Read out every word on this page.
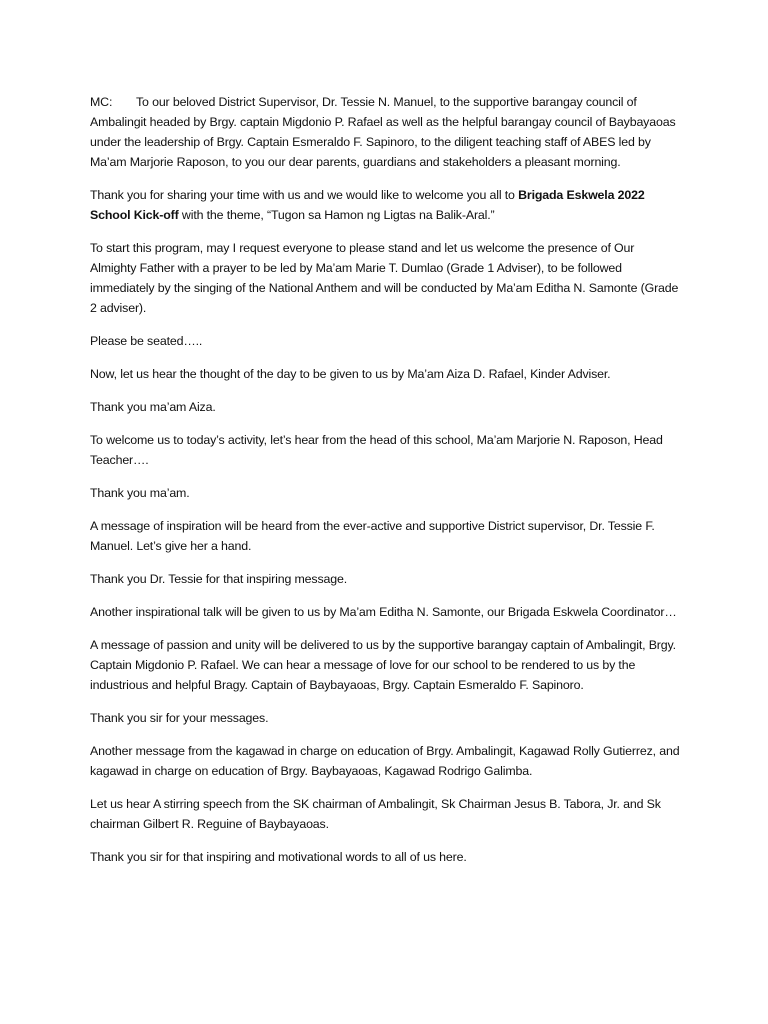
MC: To our beloved District Supervisor, Dr. Tessie N. Manuel, to the supportive barangay council of Ambalingit headed by Brgy. captain Migdonio P. Rafael as well as the helpful barangay council of Baybayaoas under the leadership of Brgy. Captain Esmeraldo F. Sapinoro, to the diligent teaching staff of ABES led by Ma’am Marjorie Raposon, to you our dear parents, guardians and stakeholders a pleasant morning.

Thank you for sharing your time with us and we would like to welcome you all to Brigada Eskwela 2022 School Kick-off with the theme, “Tugon sa Hamon ng Ligtas na Balik-Aral.”

To start this program, may I request everyone to please stand and let us welcome the presence of Our Almighty Father with a prayer to be led by Ma’am Marie T. Dumlao (Grade 1 Adviser), to be followed immediately by the singing of the National Anthem and will be conducted by Ma’am Editha N. Samonte (Grade 2 adviser).

Please be seated…..

Now, let us hear the thought of the day to be given to us by Ma’am Aiza D. Rafael, Kinder Adviser.

Thank you ma’am Aiza.

To welcome us to today’s activity, let’s hear from the head of this school, Ma’am Marjorie N. Raposon, Head Teacher….

Thank you ma’am.

A message of inspiration will be heard from the ever-active and supportive District supervisor, Dr. Tessie F. Manuel. Let’s give her a hand.

Thank you Dr. Tessie for that inspiring message.

Another inspirational talk will be given to us by Ma’am Editha N. Samonte, our Brigada Eskwela Coordinator…

A message of passion and unity will be delivered to us by the supportive barangay captain of Ambalingit, Brgy. Captain Migdonio P. Rafael. We can hear a message of love for our school to be rendered to us by the industrious and helpful Bragy. Captain of Baybayaoas, Brgy. Captain Esmeraldo F. Sapinoro.

Thank you sir for your messages.

Another message from the kagawad in charge on education of Brgy. Ambalingit, Kagawad Rolly Gutierrez, and kagawad in charge on education of Brgy. Baybayaoas, Kagawad Rodrigo Galimba.

Let us hear A stirring speech from the SK chairman of Ambalingit, Sk Chairman Jesus B. Tabora, Jr. and Sk chairman Gilbert R. Reguine of Baybayaoas.

Thank you sir for that inspiring and motivational words to all of us here.
